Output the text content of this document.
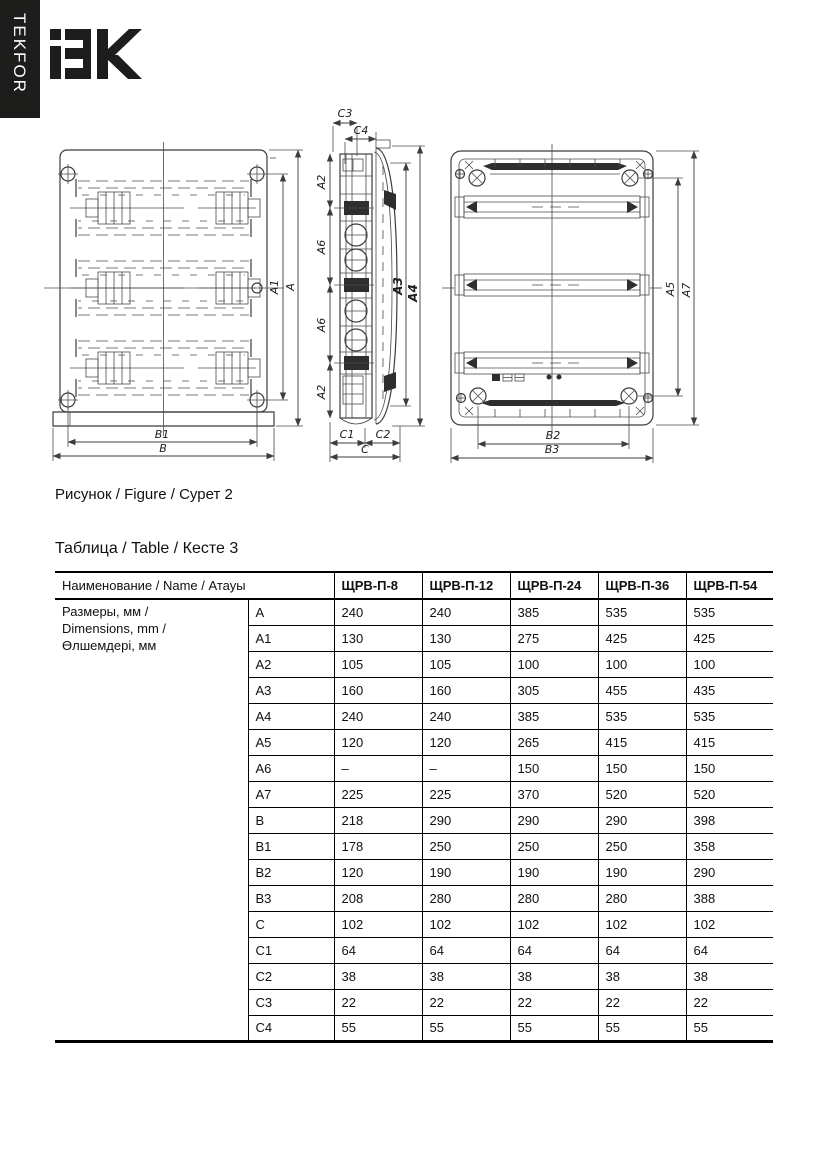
TEKFOR
A1 A
B1
B
A2
A6
A6
A2
A3 A4
C3
C4
C1 C2
C
A5 A7
B2
B3
Рисунок / Figure / Сурет 2
Таблица / Table / Кесте 3
Наименование / Name / Атауы		ЩРВ-П-8	ЩРВ-П-12	ЩРВ-П-24	ЩРВ-П-36	ЩРВ-П-54
Размеры, мм /
Dimensions, mm /
Өлшемдері, мм	A	240	240	385	535	535
	A1	130	130	275	425	425
	A2	105	105	100	100	100
	A3	160	160	305	455	435
	A4	240	240	385	535	535
	A5	120	120	265	415	415
	A6	–	–	150	150	150
	A7	225	225	370	520	520
	B	218	290	290	290	398
	B1	178	250	250	250	358
	B2	120	190	190	190	290
	B3	208	280	280	280	388
	C	102	102	102	102	102
	C1	64	64	64	64	64
	C2	38	38	38	38	38
	C3	22	22	22	22	22
	C4	55	55	55	55	55
